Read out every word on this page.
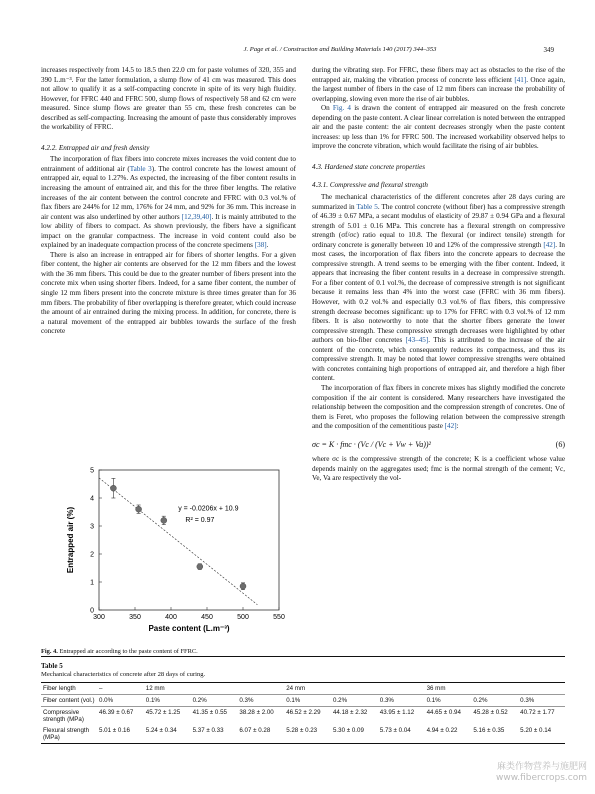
J. Page et al. / Construction and Building Materials 140 (2017) 344–353	349

increases respectively from 14.5 to 18.5 then 22.0 cm for paste volumes of 320, 355 and 390 L.m⁻³. For the latter formulation, a slump flow of 41 cm was measured. This does not allow to qualify it as a self-compacting concrete in spite of its very high fluidity. However, for FFRC 440 and FFRC 500, slump flows of respectively 58 and 62 cm were measured. Since slump flows are greater than 55 cm, these fresh concretes can be described as self-compacting. Increasing the amount of paste thus considerably improves the workability of FFRC.

4.2.2. Entrapped air and fresh density

The incorporation of flax fibers into concrete mixes increases the void content due to entrainment of additional air (Table 3). The control concrete has the lowest amount of entrapped air, equal to 1.27%. As expected, the increasing of the fiber content results in increasing the amount of entrained air, and this for the three fiber lengths. The relative increases of the air content between the control concrete and FFRC with 0.3 vol.% of flax fibers are 244% for 12 mm, 176% for 24 mm, and 92% for 36 mm. This increase in air content was also underlined by other authors [12,39,40]. It is mainly attributed to the low ability of fibers to compact. As shown previously, the fibers have a significant impact on the granular compactness. The increase in void content could also be explained by an inadequate compaction process of the concrete specimens [38].

There is also an increase in entrapped air for fibers of shorter lengths. For a given fiber content, the higher air contents are observed for the 12 mm fibers and the lowest with the 36 mm fibers. This could be due to the greater number of fibers present into the concrete mix when using shorter fibers. Indeed, for a same fiber content, the number of single 12 mm fibers present into the concrete mixture is three times greater than for 36 mm fibers. The probability of fiber overlapping is therefore greater, which could increase the amount of air entrained during the mixing process. In addition, for concrete, there is a natural movement of the entrapped air bubbles towards the surface of the fresh concrete

300	350	400	450	500	550
0
1
2
3
4
5
Paste content (L.m⁻³)
Entrapped air (%)	y = -0.0206x + 10.9
R² = 0.97
Fig. 4. Entrapped air according to the paste content of FFRC.

during the vibrating step. For FFRC, these fibers may act as obstacles to the rise of the entrapped air, making the vibration process of concrete less efficient [41]. Once again, the largest number of fibers in the case of 12 mm fibers can increase the probability of overlapping, slowing even more the rise of air bubbles.

On Fig. 4 is drawn the content of entrapped air measured on the fresh concrete depending on the paste content. A clear linear correlation is noted between the entrapped air and the paste content: the air content decreases strongly when the paste content increases: up less than 1% for FFRC 500. The increased workability observed helps to improve the concrete vibration, which would facilitate the rising of air bubbles.

4.3. Hardened state concrete properties

4.3.1. Compressive and flexural strength

The mechanical characteristics of the different concretes after 28 days curing are summarized in Table 5. The control concrete (without fiber) has a compressive strength of 46.39 ± 0.67 MPa, a secant modulus of elasticity of 29.87 ± 0.94 GPa and a flexural strength of 5.01 ± 0.16 MPa. This concrete has a flexural strength on compressive strength (σf/σc) ratio equal to 10.8. The flexural (or indirect tensile) strength for ordinary concrete is generally between 10 and 12% of the compressive strength [42]. In most cases, the incorporation of flax fibers into the concrete appears to decrease the compressive strength. A trend seems to be emerging with the fiber content. Indeed, it appears that increasing the fiber content results in a decrease in compressive strength. For a fiber content of 0.1 vol.%, the decrease of compressive strength is not significant because it remains less than 4% into the worst case (FFRC with 36 mm fibers). However, with 0.2 vol.% and especially 0.3 vol.% of flax fibers, this compressive strength decrease becomes significant: up to 17% for FFRC with 0.3 vol.% of 12 mm fibers. It is also noteworthy to note that the shorter fibers generate the lower compressive strength. These compressive strength decreases were highlighted by other authors on bio-fiber concretes [43–45]. This is attributed to the increase of the air content of the concrete, which consequently reduces its compactness, and thus its compressive strength. It may be noted that lower compressive strengths were obtained with concretes containing high proportions of entrapped air, and therefore a high fiber content.

The incorporation of flax fibers in concrete mixes has slightly modified the concrete composition if the air content is considered. Many researchers have investigated the relationship between the composition and the compression strength of concretes. One of them is Feret, who proposes the following relation between the compressive strength and the composition of the cementitious paste [42]:

σc = K · fmc · (Vc / (Vc + Vw + Va))²	(6)

where σc is the compressive strength of the concrete; K is a coefficient whose value depends mainly on the aggregates used; fmc is the normal strength of the cement; Vc, Ve, Va are respectively the vol-

Table 5
Mechanical characteristics of concrete after 28 days of curing.
Fiber length	–	12 mm			24 mm			36 mm		
Fiber content (vol.)	0.0%	0.1%	0.2%	0.3%	0.1%	0.2%	0.3%	0.1%	0.2%	0.3%
Compressive strength (MPa)	46.39 ± 0.67	45.72 ± 1.25	41.35 ± 0.55	38.28 ± 2.00	46.52 ± 2.29	44.18 ± 2.32	43.95 ± 1.12	44.65 ± 0.94	45.28 ± 0.52	40.72 ± 1.77
Flexural strength (MPa)	5.01 ± 0.16	5.24 ± 0.34	5.37 ± 0.33	6.07 ± 0.28	5.28 ± 0.23	5.30 ± 0.09	5.73 ± 0.04	4.94 ± 0.22	5.16 ± 0.35	5.20 ± 0.14
麻类作物营养与施肥网
www.fibercrops.com
